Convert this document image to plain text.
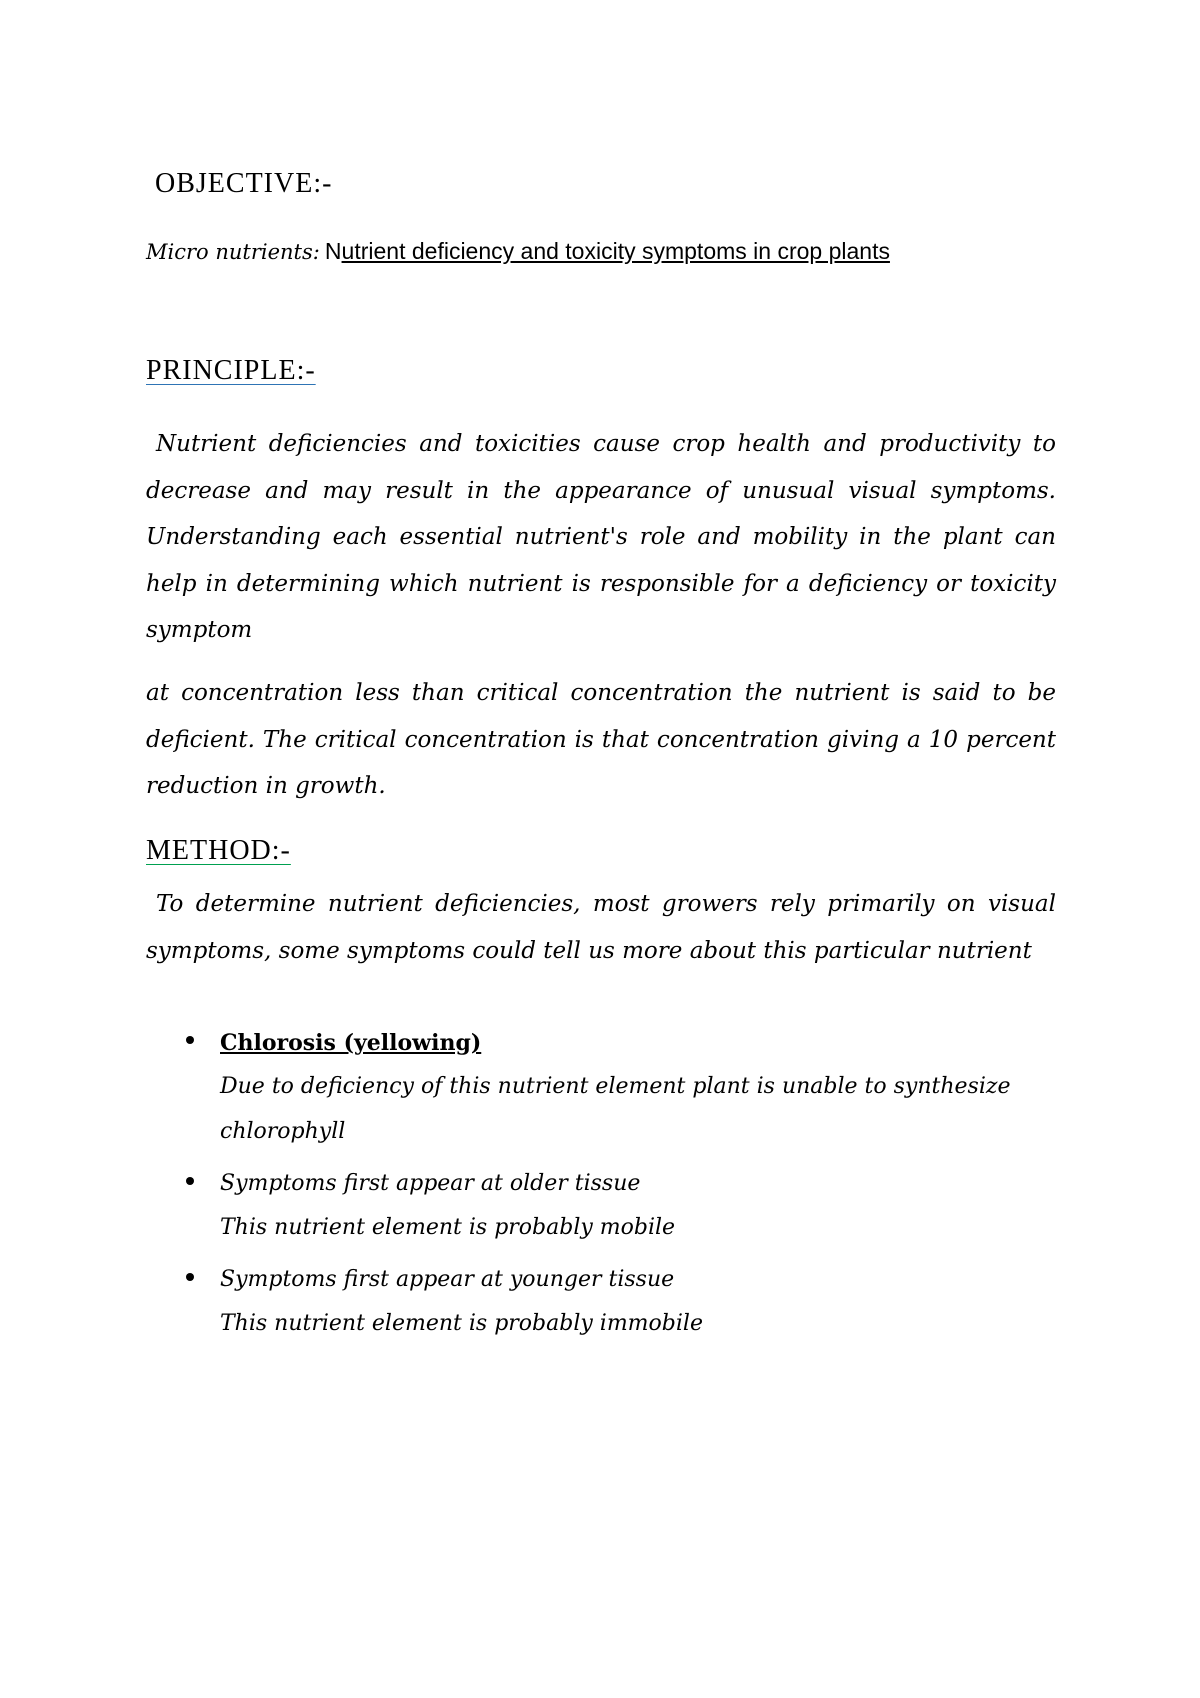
OBJECTIVE:-
Micro nutrients: Nutrient deficiency and toxicity symptoms in crop plants
PRINCIPLE:-

Nutrient deficiencies and toxicities cause crop health and productivity to decrease and may result in the appearance of unusual visual symptoms. Understanding each essential nutrient's role and mobility in the plant can help in determining which nutrient is responsible for a deficiency or toxicity symptom

at concentration less than critical concentration the nutrient is said to be deficient. The critical concentration is that concentration giving a 10 percent reduction in growth.

METHOD:-

To determine nutrient deficiencies, most growers rely primarily on visual symptoms, some symptoms could tell us more about this particular nutrient

Chlorosis (yellowing)
Due to deficiency of this nutrient element plant is unable to synthesize chlorophyll
Symptoms first appear at older tissue
This nutrient element is probably mobile
Symptoms first appear at younger tissue
This nutrient element is probably immobile
